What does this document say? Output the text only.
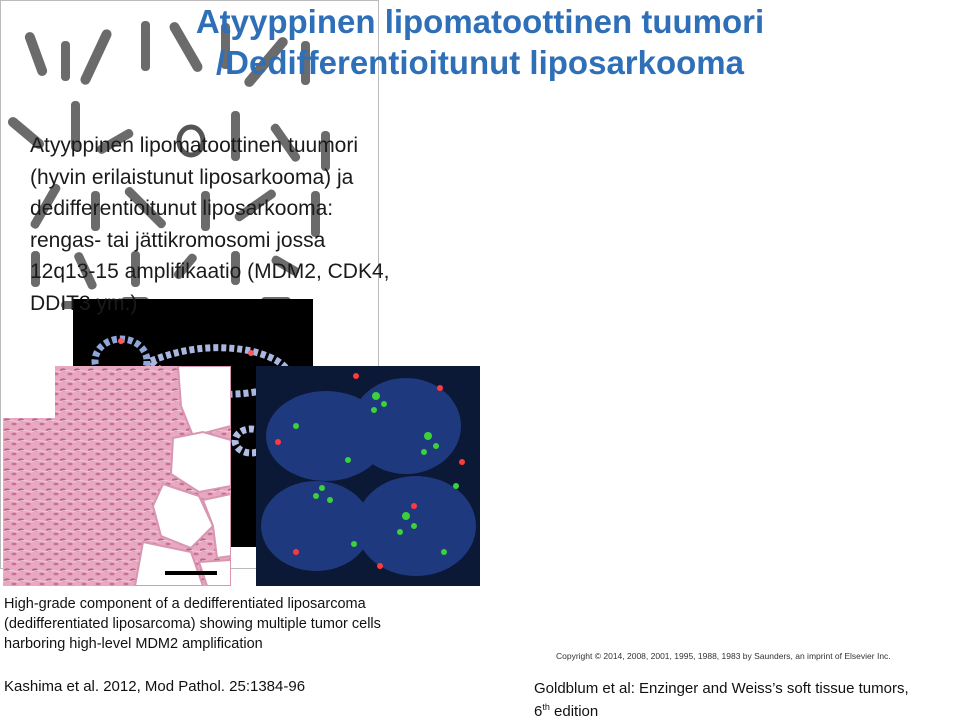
Atyyppinen lipomatoottinen tuumori
/Dedifferentioitunut liposarkooma
Atyyppinen lipomatoottinen tuumori
(hyvin erilaistunut liposarkooma) ja
dedifferentioitunut liposarkooma:
rengas- tai jättikromosomi jossa
12q13-15 amplifikaatio (MDM2, CDK4,
DDIT3 ym.)
Copyright © 2014, 2008, 2001, 1995, 1988, 1983 by Saunders, an imprint of Elsevier Inc.
High-grade component of a dedifferentiated liposarcoma
(dedifferentiated liposarcoma) showing multiple tumor cells
harboring high-level MDM2 amplification
Kashima et al. 2012, Mod Pathol. 25:1384-96	Goldblum et al: Enzinger and Weiss’s soft tissue tumors,
6th edition
